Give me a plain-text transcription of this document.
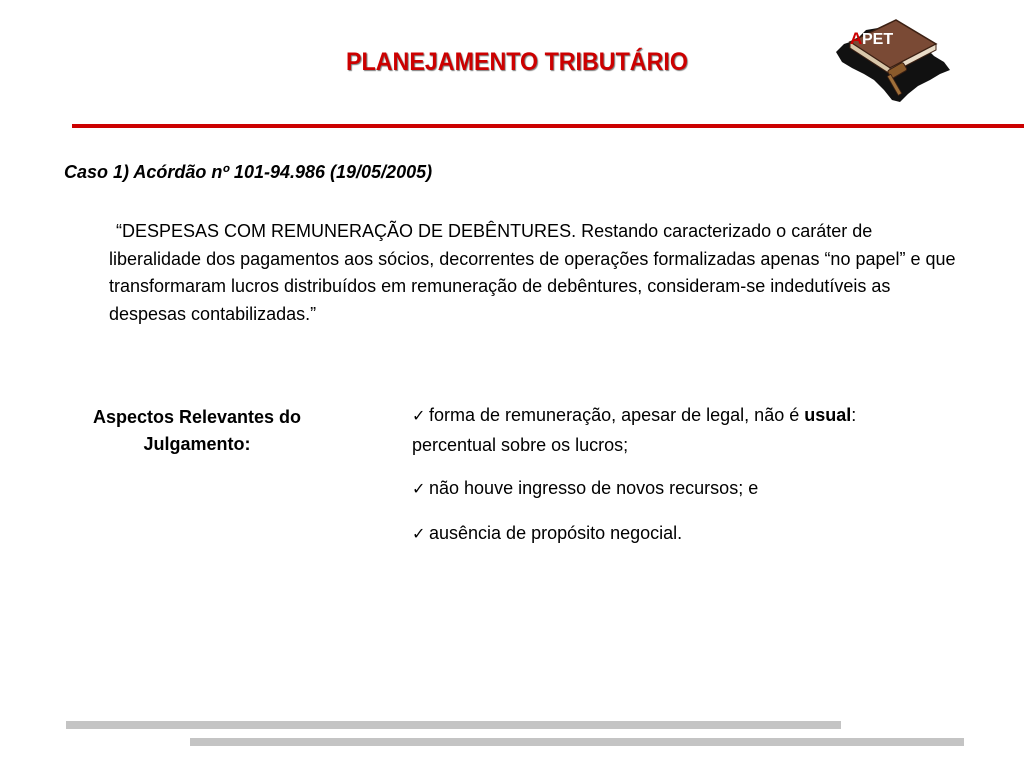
PLANEJAMENTO TRIBUTÁRIO
A PET
Caso 1) Acórdão nº 101-94.986 (19/05/2005)
“DESPESAS COM REMUNERAÇÃO DE DEBÊNTURES. Restando caracterizado o caráter de liberalidade dos pagamentos aos sócios, decorrentes de operações formalizadas apenas “no papel” e que transformaram lucros distribuídos em remuneração de debêntures, consideram-se indedutíveis as despesas contabilizadas.”
Aspectos Relevantes do Julgamento:
✓ forma de remuneração, apesar de legal, não é usual: percentual sobre os lucros;
✓ não houve ingresso de novos recursos; e
✓ ausência de propósito negocial.
